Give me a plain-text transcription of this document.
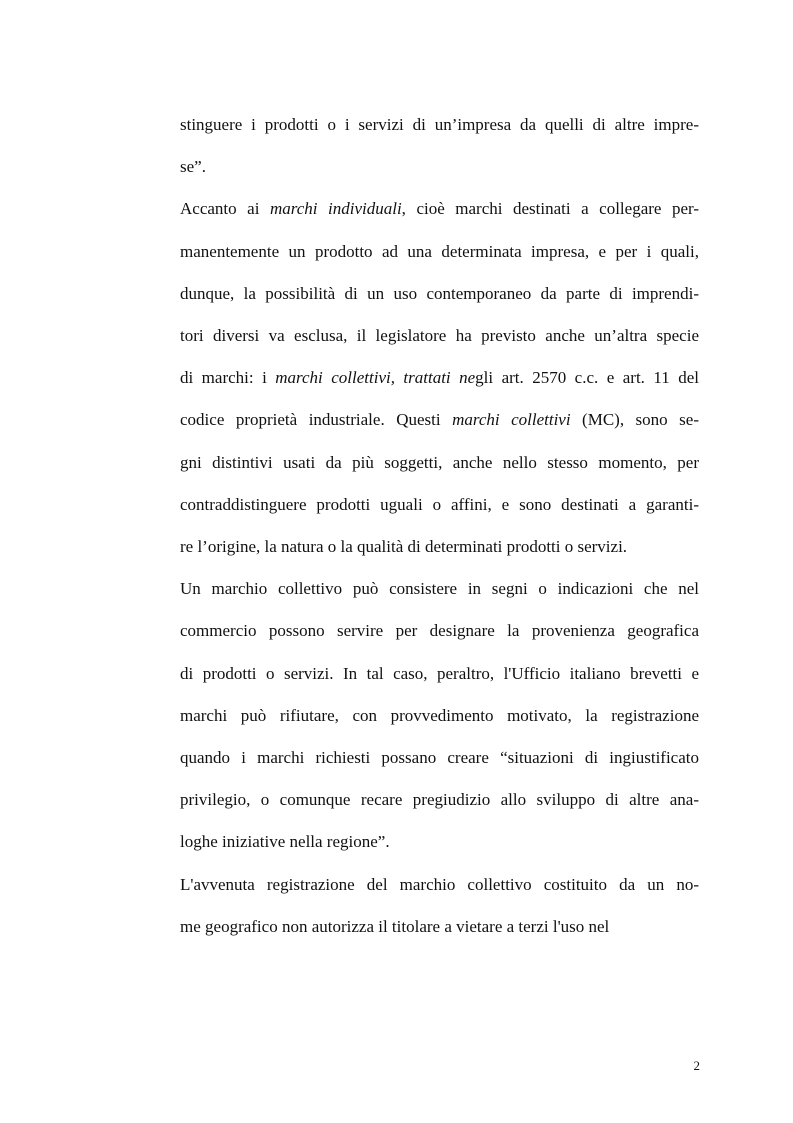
stinguere i prodotti o i servizi di un’impresa da quelli di altre impre-
se”.
Accanto ai marchi individuali, cioè marchi destinati a collegare per-
manentemente un prodotto ad una determinata impresa, e per i quali,
dunque, la possibilità di un uso contemporaneo da parte di imprendi-
tori diversi va esclusa, il legislatore ha previsto anche un’altra specie
di marchi: i marchi collettivi, trattati negli art. 2570 c.c. e art. 11 del
codice proprietà industriale. Questi marchi collettivi (MC), sono se-
gni distintivi usati da più soggetti, anche nello stesso momento, per
contraddistinguere prodotti uguali o affini, e sono destinati a garanti-
re l’origine, la natura o la qualità di determinati prodotti o servizi.
Un marchio collettivo può consistere in segni o indicazioni che nel
commercio possono servire per designare la provenienza geografica
di prodotti o servizi. In tal caso, peraltro, l'Ufficio italiano brevetti e
marchi può rifiutare, con provvedimento motivato, la registrazione
quando i marchi richiesti possano creare “situazioni di ingiustificato
privilegio, o comunque recare pregiudizio allo sviluppo di altre ana-
loghe iniziative nella regione”.
L'avvenuta registrazione del marchio collettivo costituito da un no-
me geografico non autorizza il titolare a vietare a terzi l'uso nel
2
